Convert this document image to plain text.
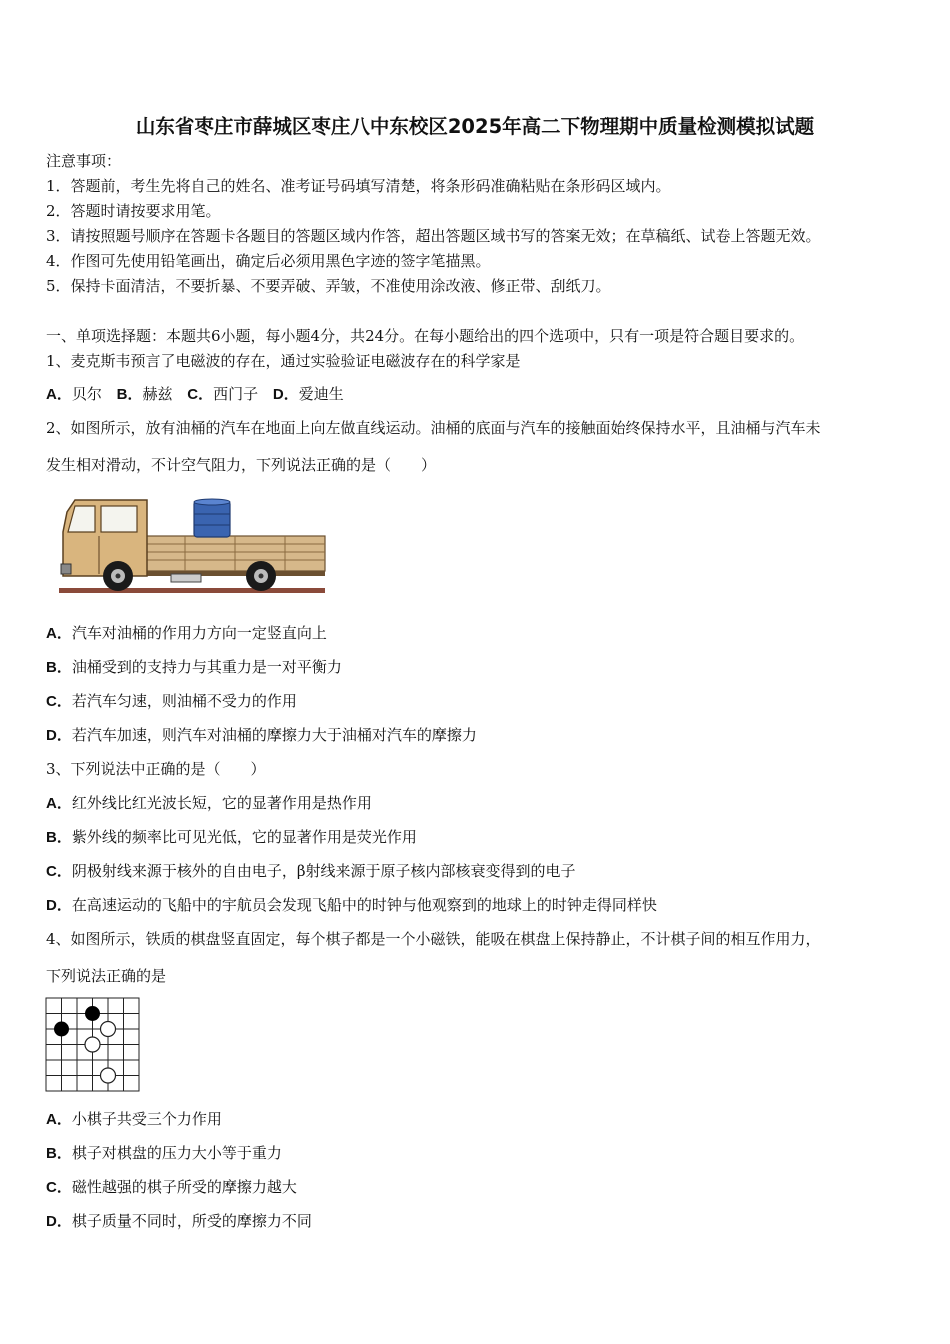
山东省枣庄市薛城区枣庄八中东校区2025年高二下物理期中质量检测模拟试题
注意事项：
1．答题前，考生先将自己的姓名、准考证号码填写清楚，将条形码准确粘贴在条形码区域内。
2．答题时请按要求用笔。
3．请按照题号顺序在答题卡各题目的答题区域内作答，超出答题区域书写的答案无效；在草稿纸、试卷上答题无效。
4．作图可先使用铅笔画出，确定后必须用黑色字迹的签字笔描黑。
5．保持卡面清洁，不要折暴、不要弄破、弄皱，不准使用涂改液、修正带、刮纸刀。
一、单项选择题：本题共6小题，每小题4分，共24分。在每小题给出的四个选项中，只有一项是符合题目要求的。
1、麦克斯韦预言了电磁波的存在，通过实验验证电磁波存在的科学家是
A．贝尔 B．赫兹 C．西门子 D．爱迪生
2、如图所示，放有油桶的汽车在地面上向左做直线运动。油桶的底面与汽车的接触面始终保持水平，且油桶与汽车未
发生相对滑动，不计空气阻力，下列说法正确的是（　　）
A．汽车对油桶的作用力方向一定竖直向上
B．油桶受到的支持力与其重力是一对平衡力
C．若汽车匀速，则油桶不受力的作用
D．若汽车加速，则汽车对油桶的摩擦力大于油桶对汽车的摩擦力
3、下列说法中正确的是（　　）
A．红外线比红光波长短，它的显著作用是热作用
B．紫外线的频率比可见光低，它的显著作用是荧光作用
C．阴极射线来源于核外的自由电子，β射线来源于原子核内部核衰变得到的电子
D．在高速运动的飞船中的宇航员会发现飞船中的时钟与他观察到的地球上的时钟走得同样快
4、如图所示，铁质的棋盘竖直固定，每个棋子都是一个小磁铁，能吸在棋盘上保持静止，不计棋子间的相互作用力，
下列说法正确的是
A．小棋子共受三个力作用
B．棋子对棋盘的压力大小等于重力
C．磁性越强的棋子所受的摩擦力越大
D．棋子质量不同时，所受的摩擦力不同
